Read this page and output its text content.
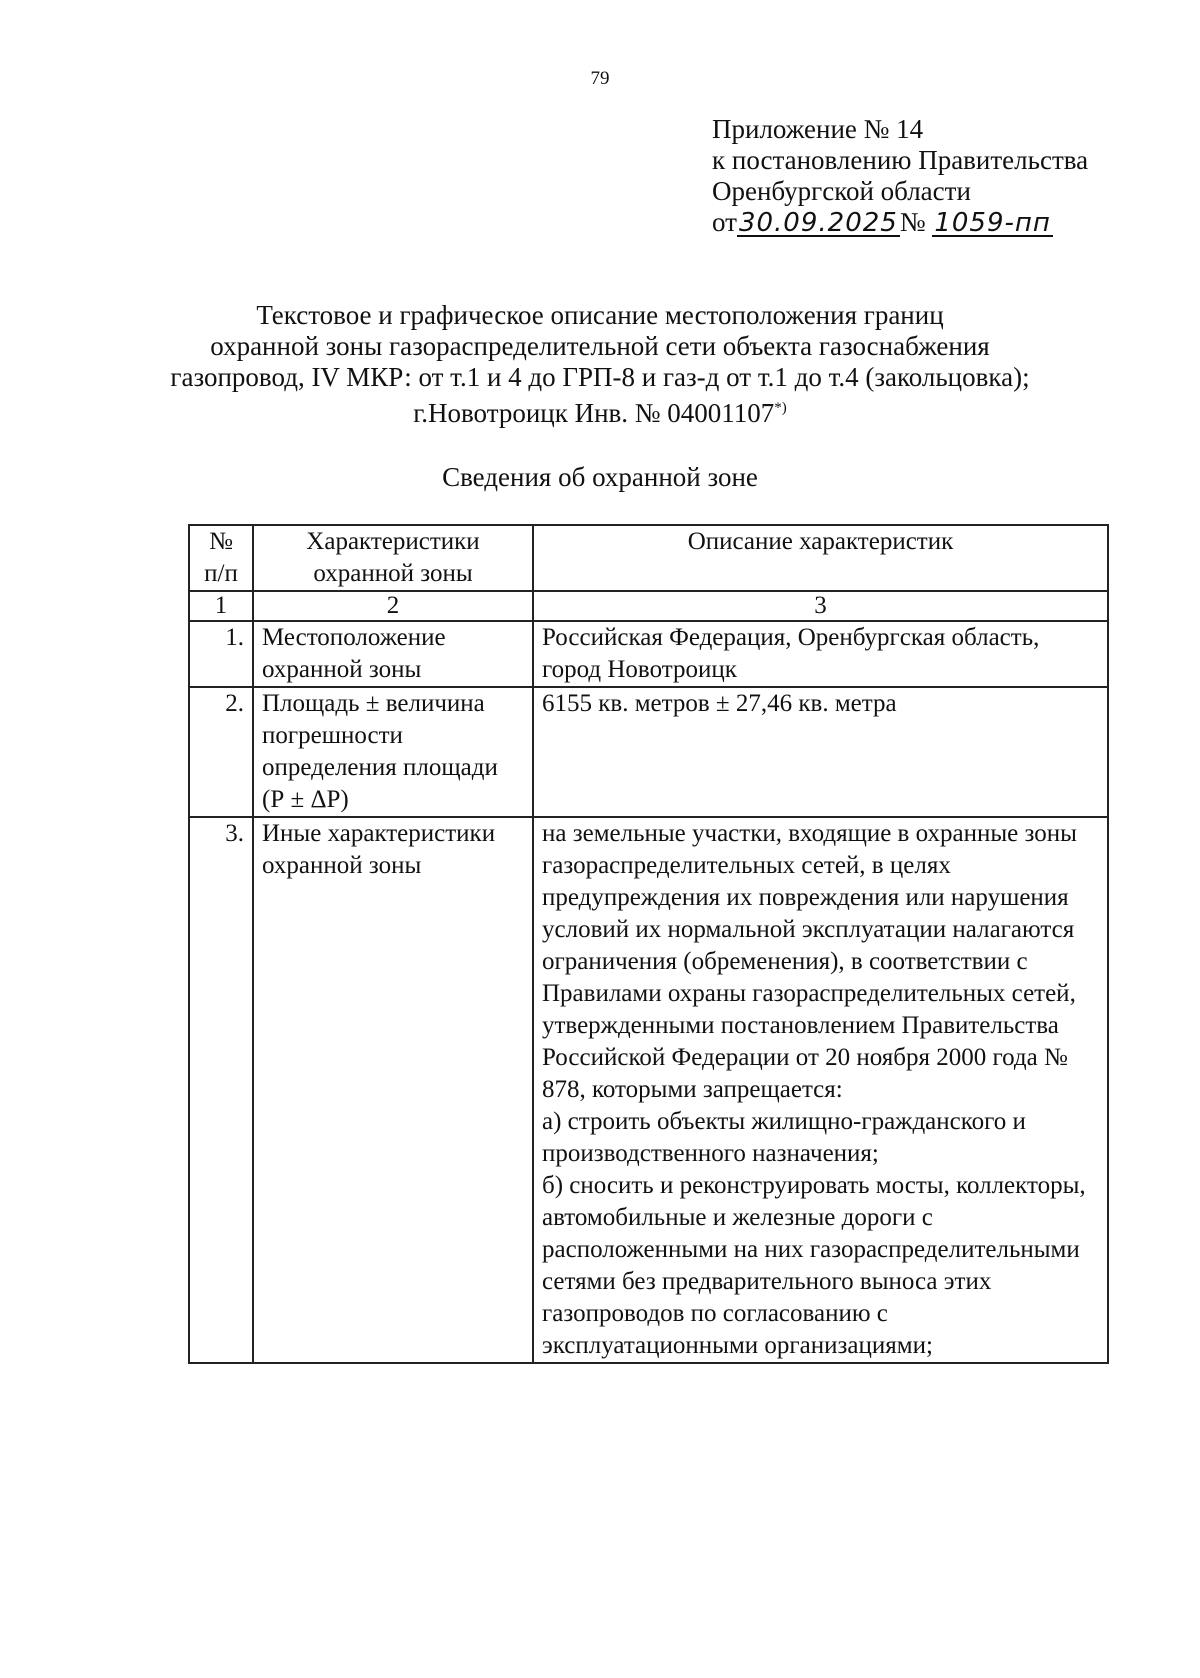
79
Приложение № 14
к постановлению Правительства
Оренбургской области
от30.09.2025№ 1059-пп
Текстовое и графическое описание местоположения границ
охранной зоны газораспределительной сети объекта газоснабжения
газопровод, IV МКР: от т.1 и 4 до ГРП-8 и газ-д от т.1 до т.4 (закольцовка);
г.Новотроицк Инв. № 04001107*)
Сведения об охранной зоне
№ п/п	Характеристики охранной зоны	Описание характеристик
1	2	3
1.	Местоположение охранной зоны	Российская Федерация, Оренбургская область, город Новотроицк

2.	Площадь ± величина погрешности определения площади (Р ± ΔР)	6155 кв. метров ± 27,46 кв. метра

3.	Иные характеристики охранной зоны	на земельные участки, входящие в охранные зоны газораспределительных сетей, в целях предупреждения их повреждения или нарушения условий их нормальной эксплуатации налагаются ограничения (обременения), в соответствии с Правилами охраны газораспределительных сетей, утвержденными постановлением Правительства Российской Федерации от 20 ноября 2000 года № 878, которыми запрещается:
а) строить объекты жилищно-гражданского и производственного назначения;
б) сносить и реконструировать мосты, коллекторы, автомобильные и железные дороги с расположенными на них газораспределительными сетями без предварительного выноса этих газопроводов по согласованию с эксплуатационными организациями;
